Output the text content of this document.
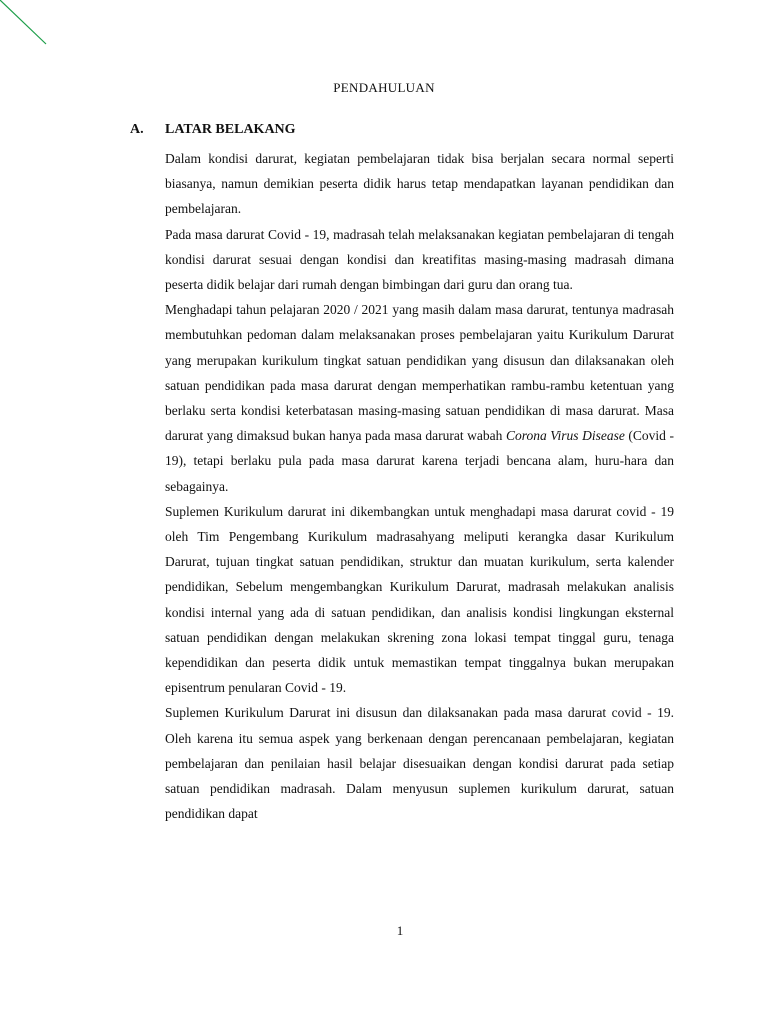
PENDAHULUAN
A. LATAR BELAKANG

Dalam kondisi darurat, kegiatan pembelajaran tidak bisa berjalan secara normal seperti biasanya, namun demikian peserta didik harus tetap mendapatkan layanan pendidikan dan pembelajaran.

Pada masa darurat Covid - 19, madrasah telah melaksanakan kegiatan pembelajaran di tengah kondisi darurat sesuai dengan kondisi dan kreatifitas masing-masing madrasah dimana peserta didik belajar dari rumah dengan bimbingan dari guru dan orang tua.

Menghadapi tahun pelajaran 2020 / 2021 yang masih dalam masa darurat, tentunya madrasah membutuhkan pedoman dalam melaksanakan proses pembelajaran yaitu Kurikulum Darurat yang merupakan kurikulum tingkat satuan pendidikan yang disusun dan dilaksanakan oleh satuan pendidikan pada masa darurat dengan memperhatikan rambu-rambu ketentuan yang berlaku serta kondisi keterbatasan masing-masing satuan pendidikan di masa darurat. Masa darurat yang dimaksud bukan hanya pada masa darurat wabah Corona Virus Disease (Covid - 19), tetapi berlaku pula pada masa darurat karena terjadi bencana alam, huru-hara dan sebagainya.

Suplemen Kurikulum darurat ini dikembangkan untuk menghadapi masa darurat covid - 19 oleh Tim Pengembang Kurikulum madrasahyang meliputi kerangka dasar Kurikulum Darurat, tujuan tingkat satuan pendidikan, struktur dan muatan kurikulum, serta kalender pendidikan, Sebelum mengembangkan Kurikulum Darurat, madrasah melakukan analisis kondisi internal yang ada di satuan pendidikan, dan analisis kondisi lingkungan eksternal satuan pendidikan dengan melakukan skrening zona lokasi tempat tinggal guru, tenaga kependidikan dan peserta didik untuk memastikan tempat tinggalnya bukan merupakan episentrum penularan Covid - 19.

Suplemen Kurikulum Darurat ini disusun dan dilaksanakan pada masa darurat covid - 19. Oleh karena itu semua aspek yang berkenaan dengan perencanaan pembelajaran, kegiatan pembelajaran dan penilaian hasil belajar disesuaikan dengan kondisi darurat pada setiap satuan pendidikan madrasah. Dalam menyusun suplemen kurikulum darurat, satuan pendidikan dapat

1
